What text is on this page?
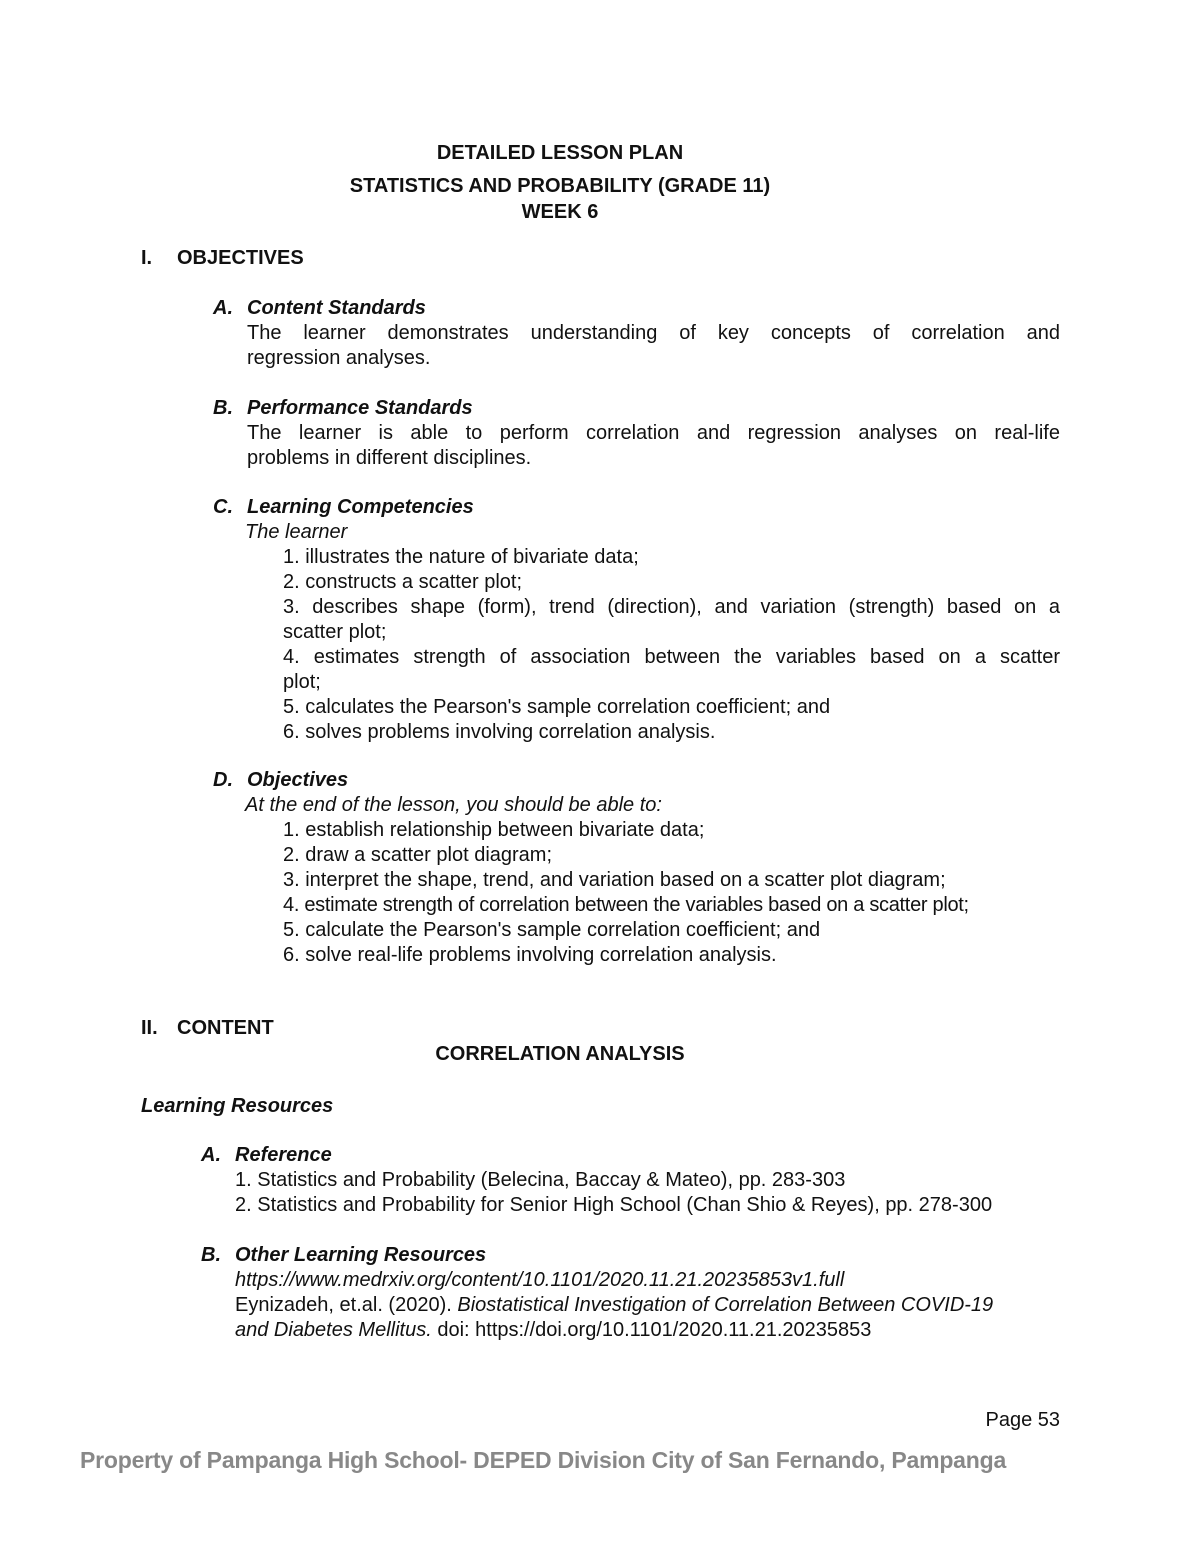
DETAILED LESSON PLAN
STATISTICS AND PROBABILITY (GRADE 11)
WEEK 6
I. OBJECTIVES
A. Content Standards
The learner demonstrates understanding of key concepts of correlation and
regression analyses.
B. Performance Standards
The learner is able to perform correlation and regression analyses on real-life
problems in different disciplines.
C. Learning Competencies
The learner
1. illustrates the nature of bivariate data;
2. constructs a scatter plot;
3. describes shape (form), trend (direction), and variation (strength) based on a
scatter plot;
4. estimates strength of association between the variables based on a scatter
plot;
5. calculates the Pearson's sample correlation coefficient; and
6. solves problems involving correlation analysis.
D. Objectives
At the end of the lesson, you should be able to:
1. establish relationship between bivariate data;
2. draw a scatter plot diagram;
3. interpret the shape, trend, and variation based on a scatter plot diagram;
4. estimate strength of correlation between the variables based on a scatter plot;
5. calculate the Pearson's sample correlation coefficient; and
6. solve real-life problems involving correlation analysis.
II. CONTENT
CORRELATION ANALYSIS
Learning Resources
A. Reference
1. Statistics and Probability (Belecina, Baccay & Mateo), pp. 283-303
2. Statistics and Probability for Senior High School (Chan Shio & Reyes), pp. 278-300
B. Other Learning Resources
https://www.medrxiv.org/content/10.1101/2020.11.21.20235853v1.full
Eynizadeh, et.al. (2020). Biostatistical Investigation of Correlation Between COVID-19
and Diabetes Mellitus. doi: https://doi.org/10.1101/2020.11.21.20235853
Page 53
Property of Pampanga High School- DEPED Division City of San Fernando, Pampanga
